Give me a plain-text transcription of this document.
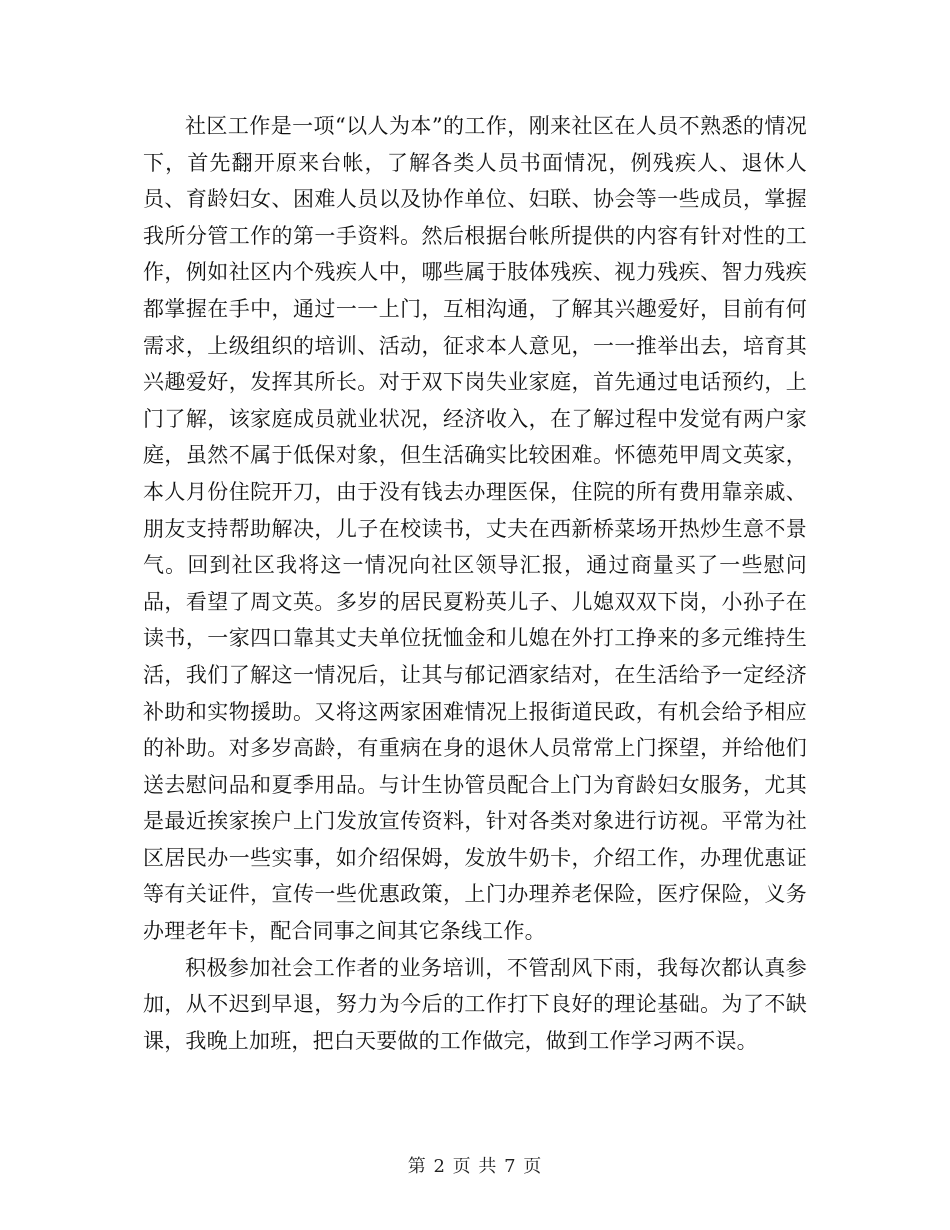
社区工作是一项“以人为本”的工作，刚来社区在人员不熟悉的情况下，首先翻开原来台帐，了解各类人员书面情况，例残疾人、退休人员、育龄妇女、困难人员以及协作单位、妇联、协会等一些成员，掌握我所分管工作的第一手资料。然后根据台帐所提供的内容有针对性的工作，例如社区内个残疾人中，哪些属于肢体残疾、视力残疾、智力残疾都掌握在手中，通过一一上门，互相沟通，了解其兴趣爱好，目前有何需求，上级组织的培训、活动，征求本人意见，一一推举出去，培育其兴趣爱好，发挥其所长。对于双下岗失业家庭，首先通过电话预约，上门了解，该家庭成员就业状况，经济收入，在了解过程中发觉有两户家庭，虽然不属于低保对象，但生活确实比较困难。怀德苑甲周文英家，本人月份住院开刀，由于没有钱去办理医保，住院的所有费用靠亲戚、朋友支持帮助解决，儿子在校读书，丈夫在西新桥菜场开热炒生意不景气。回到社区我将这一情况向社区领导汇报，通过商量买了一些慰问品，看望了周文英。多岁的居民夏粉英儿子、儿媳双双下岗，小孙子在读书，一家四口靠其丈夫单位抚恤金和儿媳在外打工挣来的多元维持生活，我们了解这一情况后，让其与郁记酒家结对，在生活给予一定经济补助和实物援助。又将这两家困难情况上报街道民政，有机会给予相应的补助。对多岁高龄，有重病在身的退休人员常常上门探望，并给他们送去慰问品和夏季用品。与计生协管员配合上门为育龄妇女服务，尤其是最近挨家挨户上门发放宣传资料，针对各类对象进行访视。平常为社区居民办一些实事，如介绍保姆，发放牛奶卡，介绍工作，办理优惠证等有关证件，宣传一些优惠政策，上门办理养老保险，医疗保险，义务办理老年卡，配合同事之间其它条线工作。

积极参加社会工作者的业务培训，不管刮风下雨，我每次都认真参加，从不迟到早退，努力为今后的工作打下良好的理论基础。为了不缺课，我晚上加班，把白天要做的工作做完，做到工作学习两不误。

第 2 页 共 7 页
